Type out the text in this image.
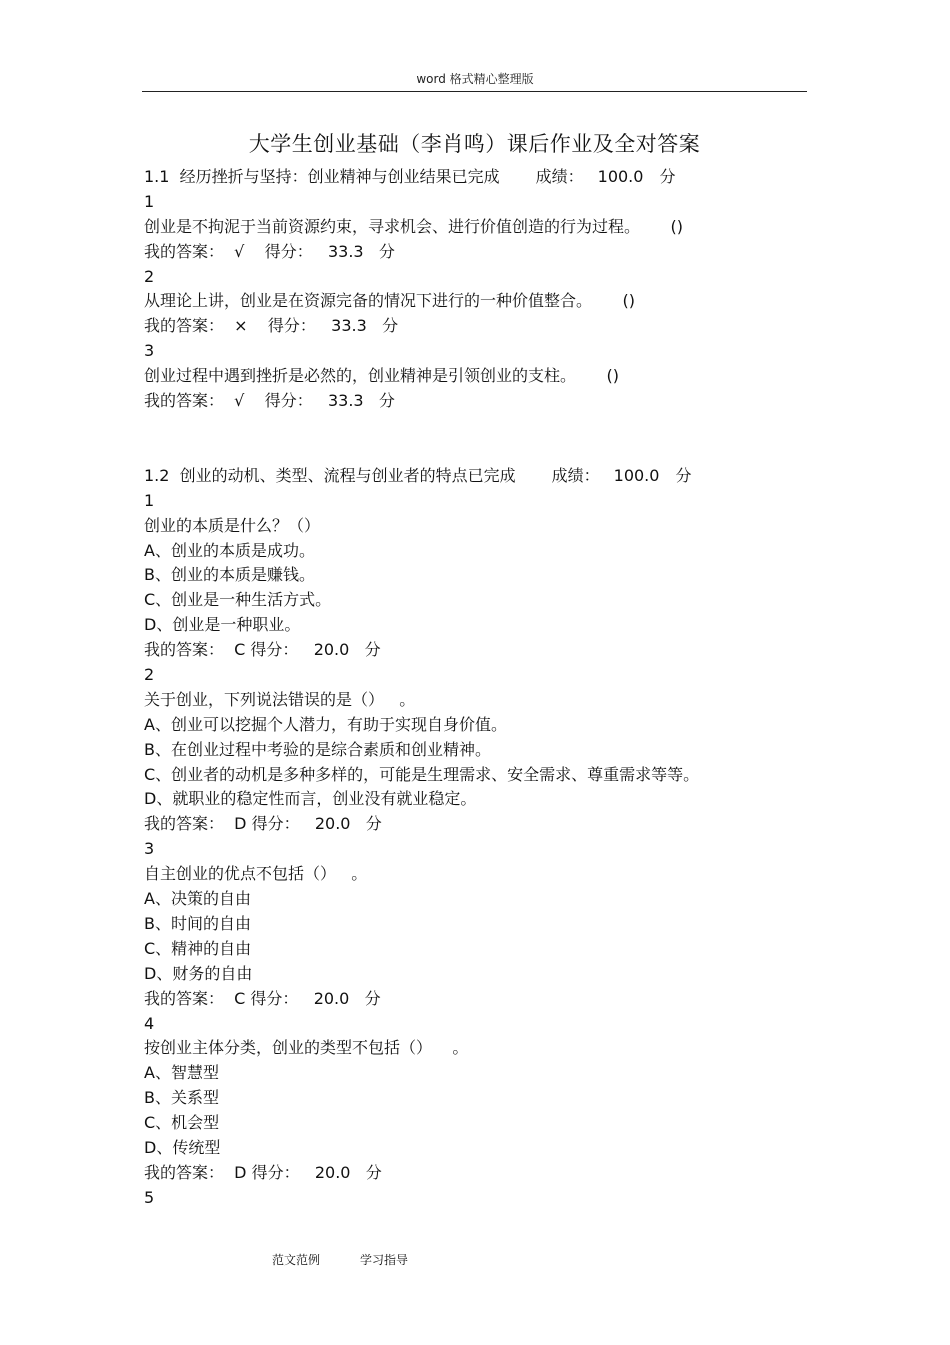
word 格式精心整理版
大学生创业基础（李肖鸣）课后作业及全对答案
1.1  经历挫折与坚持：创业精神与创业结果已完成 成绩： 100.0 分
1
创业是不拘泥于当前资源约束，寻求机会、进行价值创造的行为过程。      ()
我的答案：  √    得分：   33.3   分
2
从理论上讲，创业是在资源完备的情况下进行的一种价值整合。      ()
我的答案：  ×    得分：   33.3   分
3
创业过程中遇到挫折是必然的，创业精神是引领创业的支柱。      ()
我的答案：  √    得分：   33.3   分
1.2  创业的动机、类型、流程与创业者的特点已完成 成绩： 100.0 分
1
创业的本质是什么？（）
A、创业的本质是成功。
B、创业的本质是赚钱。
C、创业是一种生活方式。
D、创业是一种职业。
我的答案：  C 得分：   20.0   分
2
关于创业，下列说法错误的是（）   。
A、创业可以挖掘个人潜力，有助于实现自身价值。
B、在创业过程中考验的是综合素质和创业精神。
C、创业者的动机是多种多样的，可能是生理需求、安全需求、尊重需求等等。
D、就职业的稳定性而言，创业没有就业稳定。
我的答案：  D 得分：   20.0   分
3
自主创业的优点不包括（）   。
A、决策的自由
B、时间的自由
C、精神的自由
D、财务的自由
我的答案：  C 得分：   20.0   分
4
按创业主体分类，创业的类型不包括（）    。
A、智慧型
B、关系型
C、机会型
D、传统型
我的答案：  D 得分：   20.0   分
5
范文范例	学习指导
